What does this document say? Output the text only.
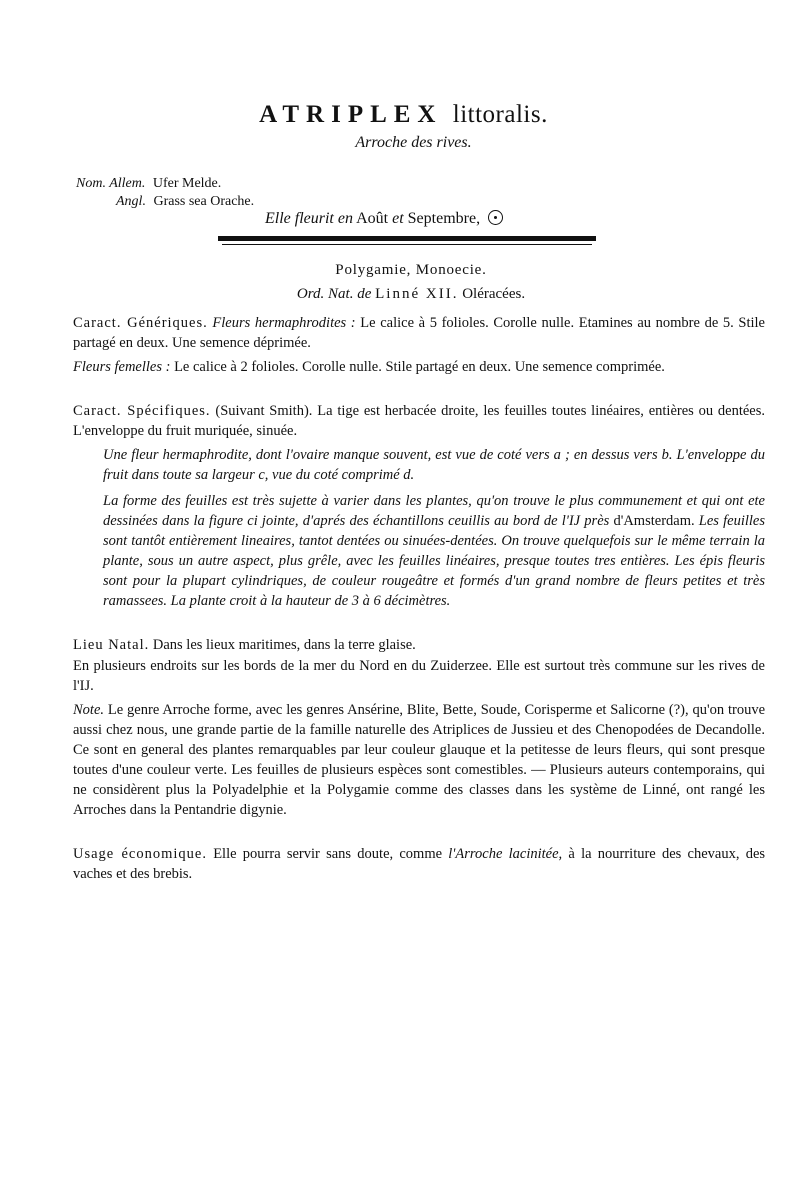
ATRIPLEX littoralis.
Arroche des rives.
Nom. Allem. Ufer Melde.
Angl. Grass sea Orache.
Elle fleurit en Août et Septembre,
Polygamie, Monoecie.
Ord. Nat. de Linné XII. Oléracées.
Caract. Génériques. Fleurs hermaphrodites : Le calice à 5 folioles. Corolle nulle. Etamines au nombre de 5. Stile partagé en deux. Une semence déprimée.
Fleurs femelles : Le calice à 2 folioles. Corolle nulle. Stile partagé en deux. Une semence comprimée.
Caract. Spécifiques. (Suivant Smith). La tige est herbacée droite, les feuilles toutes linéaires, entières ou dentées. L'enveloppe du fruit muriquée, sinuée.
Une fleur hermaphrodite, dont l'ovaire manque souvent, est vue de coté vers a ; en dessus vers b. L'enveloppe du fruit dans toute sa largeur c, vue du coté comprimé d.
La forme des feuilles est très sujette à varier dans les plantes, qu'on trouve le plus communement et qui ont ete dessinées dans la figure ci jointe, d'aprés des échantillons ceuillis au bord de l'IJ près d'Amsterdam. Les feuilles sont tantôt entièrement lineaires, tantot dentées ou sinuées-dentées. On trouve quelquefois sur le même terrain la plante, sous un autre aspect, plus grêle, avec les feuilles linéaires, presque toutes tres entières. Les épis fleuris sont pour la plupart cylindriques, de couleur rougeâtre et formés d'un grand nombre de fleurs petites et très ramassees. La plante croit à la hauteur de 3 à 6 décimètres.
Lieu Natal. Dans les lieux maritimes, dans la terre glaise.
En plusieurs endroits sur les bords de la mer du Nord en du Zuiderzee. Elle est surtout très commune sur les rives de l'IJ.
Note. Le genre Arroche forme, avec les genres Ansérine, Blite, Bette, Soude, Corisperme et Salicorne (?), qu'on trouve aussi chez nous, une grande partie de la famille naturelle des Atriplices de Jussieu et des Chenopodées de Decandolle. Ce sont en general des plantes remarquables par leur couleur glauque et la petitesse de leurs fleurs, qui sont presque toutes d'une couleur verte. Les feuilles de plusieurs espèces sont comestibles. — Plusieurs auteurs contemporains, qui ne considèrent plus la Polyadelphie et la Polygamie comme des classes dans les système de Linné, ont rangé les Arroches dans la Pentandrie digynie.
Usage économique. Elle pourra servir sans doute, comme l'Arroche lacinitée, à la nourriture des chevaux, des vaches et des brebis.
